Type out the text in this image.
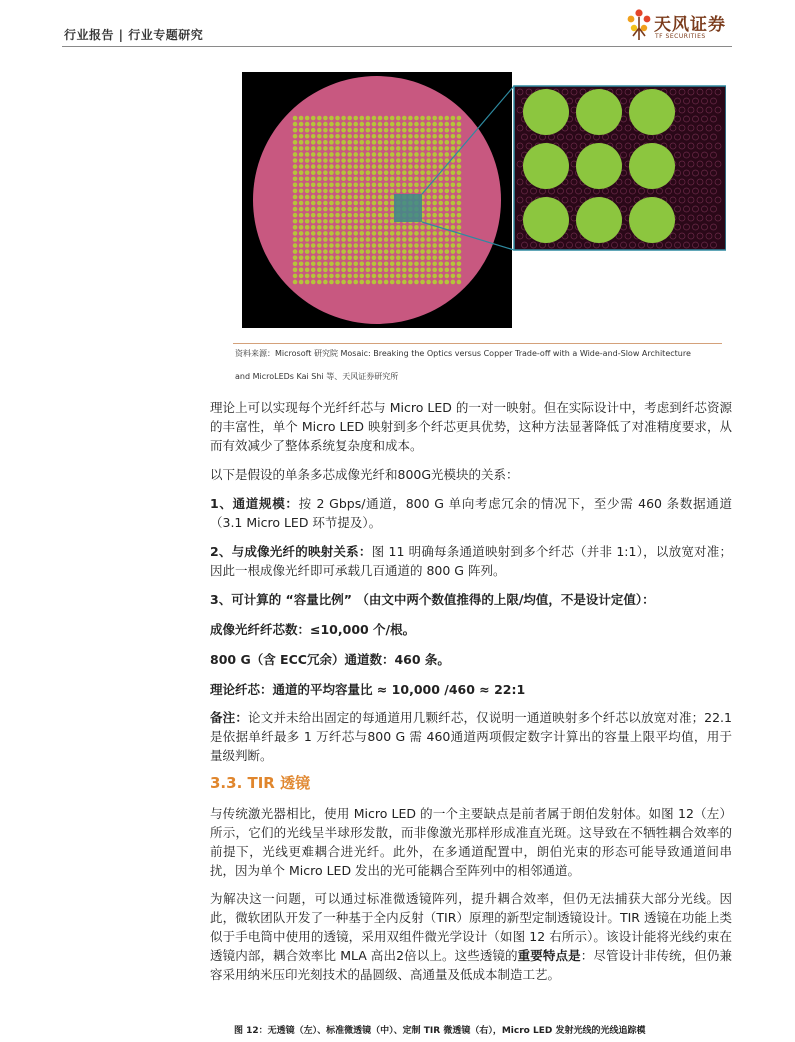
行业报告 | 行业专题研究	天风证券
TF SECURITIES
资料来源：Microsoft 研究院 Mosaic: Breaking the Optics versus Copper Trade-off with a Wide-and-Slow Architecture
and MicroLEDs Kai Shi 等、天风证券研究所
理论上可以实现每个光纤纤芯与 Micro LED 的一对一映射。但在实际设计中，考虑到纤芯资源的丰富性，单个 Micro LED 映射到多个纤芯更具优势，这种方法显著降低了对准精度要求，从而有效减少了整体系统复杂度和成本。
以下是假设的单条多芯成像光纤和800G光模块的关系：
1、通道规模：按 2 Gbps/通道，800 G 单向考虑冗余的情况下，至少需 460 条数据通道（3.1 Micro LED 环节提及）。
2、与成像光纤的映射关系：图 11 明确每条通道映射到多个纤芯（并非 1:1），以放宽对准；因此一根成像光纤即可承载几百通道的 800 G 阵列。
3、可计算的 “容量比例” （由文中两个数值推得的上限/均值，不是设计定值）：
成像光纤纤芯数：≤10,000 个/根。
800 G（含 ECC冗余）通道数：460 条。
理论纤芯：通道的平均容量比 ≈ 10,000 /460 ≈ 22:1
备注：论文并未给出固定的每通道用几颗纤芯，仅说明一通道映射多个纤芯以放宽对准；22.1是依据单纤最多 1 万纤芯与800 G 需 460通道两项假定数字计算出的容量上限平均值，用于量级判断。
3.3. TIR 透镜
与传统激光器相比，使用 Micro LED 的一个主要缺点是前者属于朗伯发射体。如图 12（左）所示，它们的光线呈半球形发散，而非像激光那样形成准直光斑。这导致在不牺牲耦合效率的前提下，光线更难耦合进光纤。此外，在多通道配置中，朗伯光束的形态可能导致通道间串扰，因为单个 Micro LED 发出的光可能耦合至阵列中的相邻通道。
为解决这一问题，可以通过标准微透镜阵列，提升耦合效率，但仍无法捕获大部分光线。因此，微软团队开发了一种基于全内反射（TIR）原理的新型定制透镜设计。TIR 透镜在功能上类似于手电筒中使用的透镜，采用双组件微光学设计（如图 12 右所示）。该设计能将光线约束在透镜内部，耦合效率比 MLA 高出2倍以上。这些透镜的重要特点是：尽管设计非传统，但仍兼容采用纳米压印光刻技术的晶圆级、高通量及低成本制造工艺。
图 12：无透镜（左）、标准微透镜（中）、定制 TIR 微透镜（右），Micro LED 发射光线的光线追踪模
